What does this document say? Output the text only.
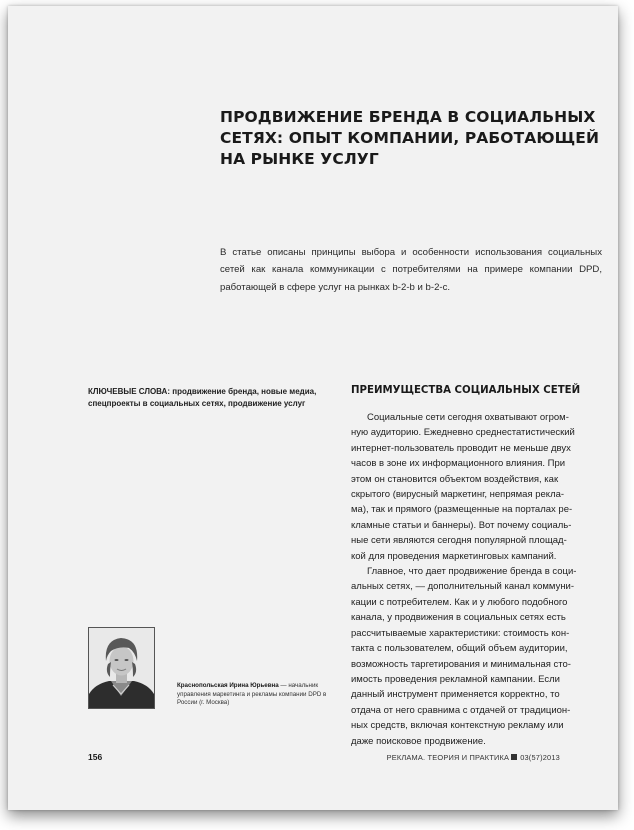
ПРОДВИЖЕНИЕ БРЕНДА В СОЦИАЛЬНЫХ
СЕТЯХ: ОПЫТ КОМПАНИИ, РАБОТАЮЩЕЙ
НА РЫНКЕ УСЛУГ

В статье описаны принципы выбора и особенности использования социальных сетей как канала коммуникации с потребителями на примере компании DPD, работающей в сфере услуг на рынках b-2-b и b-2-c.

КЛЮЧЕВЫЕ СЛОВА: продвижение бренда, новые медиа, спецпроекты в социальных сетях, продвижение услуг

ПРЕИМУЩЕСТВА СОЦИАЛЬНЫХ СЕТЕЙ
Социальные сети сегодня охватывают огром-
ную аудиторию. Ежедневно среднестатистический
интернет-пользователь проводит не меньше двух
часов в зоне их информационного влияния. При
этом он становится объектом воздействия, как
скрытого (вирусный маркетинг, непрямая рекла-
ма), так и прямого (размещенные на порталах ре-
кламные статьи и баннеры). Вот почему социаль-
ные сети являются сегодня популярной площад-
кой для проведения маркетинговых кампаний.
Главное, что дает продвижение бренда в соци-
альных сетях, — дополнительный канал коммуни-
кации с потребителем. Как и у любого подобного
канала, у продвижения в социальных сетях есть
рассчитываемые характеристики: стоимость кон-
такта с пользователем, общий объем аудитории,
возможность таргетирования и минимальная сто-
имость проведения рекламной кампании. Если
данный инструмент применяется корректно, то
отдача от него сравнима с отдачей от традицион-
ных средств, включая контекстную рекламу или
даже поисковое продвижение.

Краснопольская Ирина Юрьевна — начальник управления маркетинга и рекламы компании DPD в России (г. Москва)

156	РЕКЛАМА. ТЕОРИЯ И ПРАКТИКА 03(57)2013
